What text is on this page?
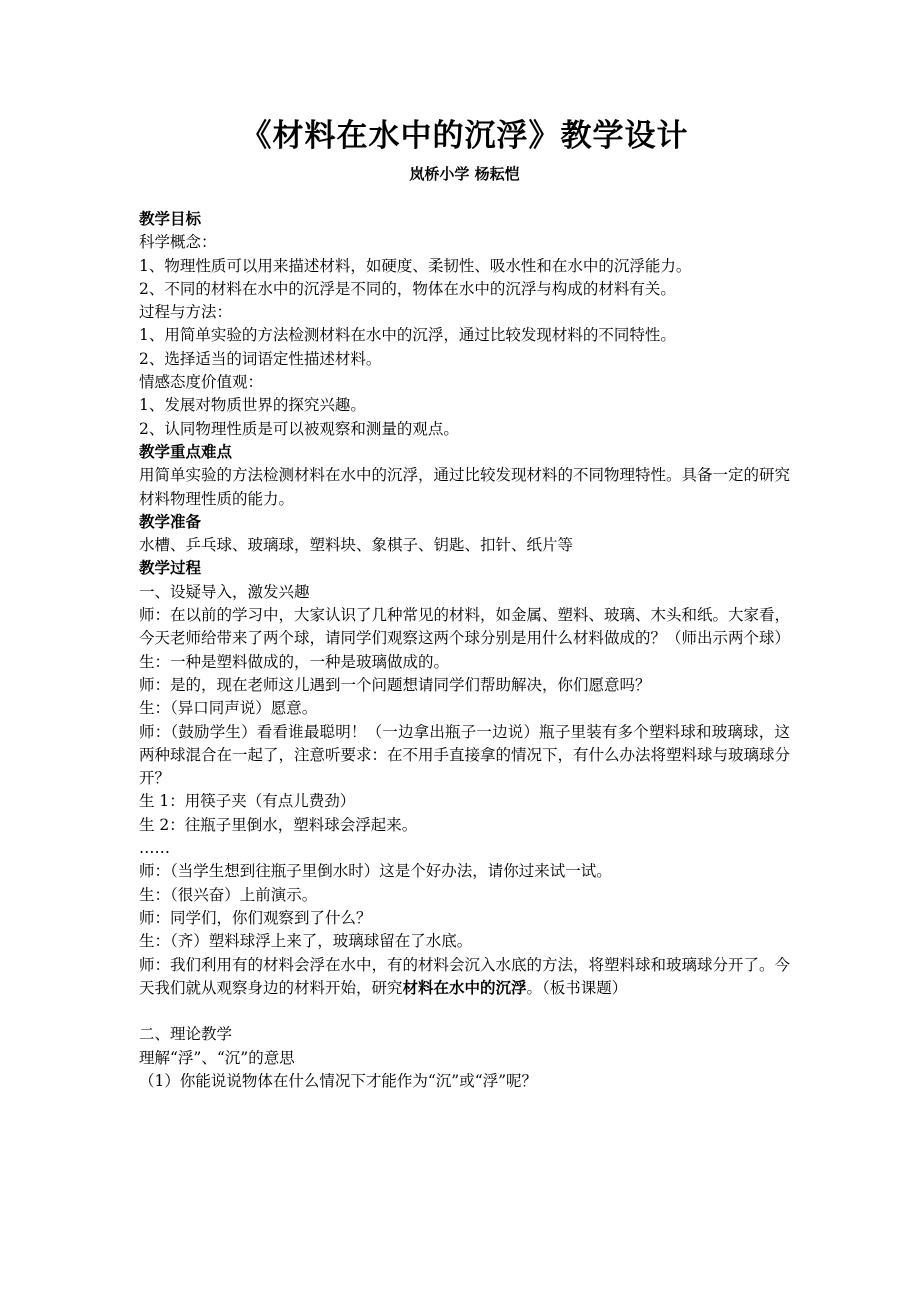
《材料在水中的沉浮》教学设计
岚桥小学 杨耘恺
教学目标
科学概念：
1、物理性质可以用来描述材料，如硬度、柔韧性、吸水性和在水中的沉浮能力。
2、不同的材料在水中的沉浮是不同的，物体在水中的沉浮与构成的材料有关。
过程与方法：
1、用简单实验的方法检测材料在水中的沉浮，通过比较发现材料的不同特性。
2、选择适当的词语定性描述材料。
情感态度价值观：
1、发展对物质世界的探究兴趣。
2、认同物理性质是可以被观察和测量的观点。
教学重点难点
用简单实验的方法检测材料在水中的沉浮，通过比较发现材料的不同物理特性。具备一定的研究材料物理性质的能力。
教学准备
水槽、乒乓球、玻璃球，塑料块、象棋子、钥匙、扣针、纸片等
教学过程
一、设疑导入，激发兴趣
师：在以前的学习中，大家认识了几种常见的材料，如金属、塑料、玻璃、木头和纸。大家看，今天老师给带来了两个球，请同学们观察这两个球分别是用什么材料做成的？（师出示两个球）
生：一种是塑料做成的，一种是玻璃做成的。
师：是的，现在老师这儿遇到一个问题想请同学们帮助解决，你们愿意吗？
生：（异口同声说）愿意。
师：（鼓励学生）看看谁最聪明！（一边拿出瓶子一边说）瓶子里装有多个塑料球和玻璃球，这两种球混合在一起了，注意听要求：在不用手直接拿的情况下，有什么办法将塑料球与玻璃球分开？
生 1：用筷子夹（有点儿费劲）
生 2：往瓶子里倒水，塑料球会浮起来。
……
师：（当学生想到往瓶子里倒水时）这是个好办法，请你过来试一试。
生：（很兴奋）上前演示。
师：同学们，你们观察到了什么？
生：（齐）塑料球浮上来了，玻璃球留在了水底。
师：我们利用有的材料会浮在水中，有的材料会沉入水底的方法，将塑料球和玻璃球分开了。今天我们就从观察身边的材料开始，研究材料在水中的沉浮。（板书课题）
二、理论教学
理解“浮”、“沉”的意思
（1）你能说说物体在什么情况下才能作为“沉”或“浮”呢？
